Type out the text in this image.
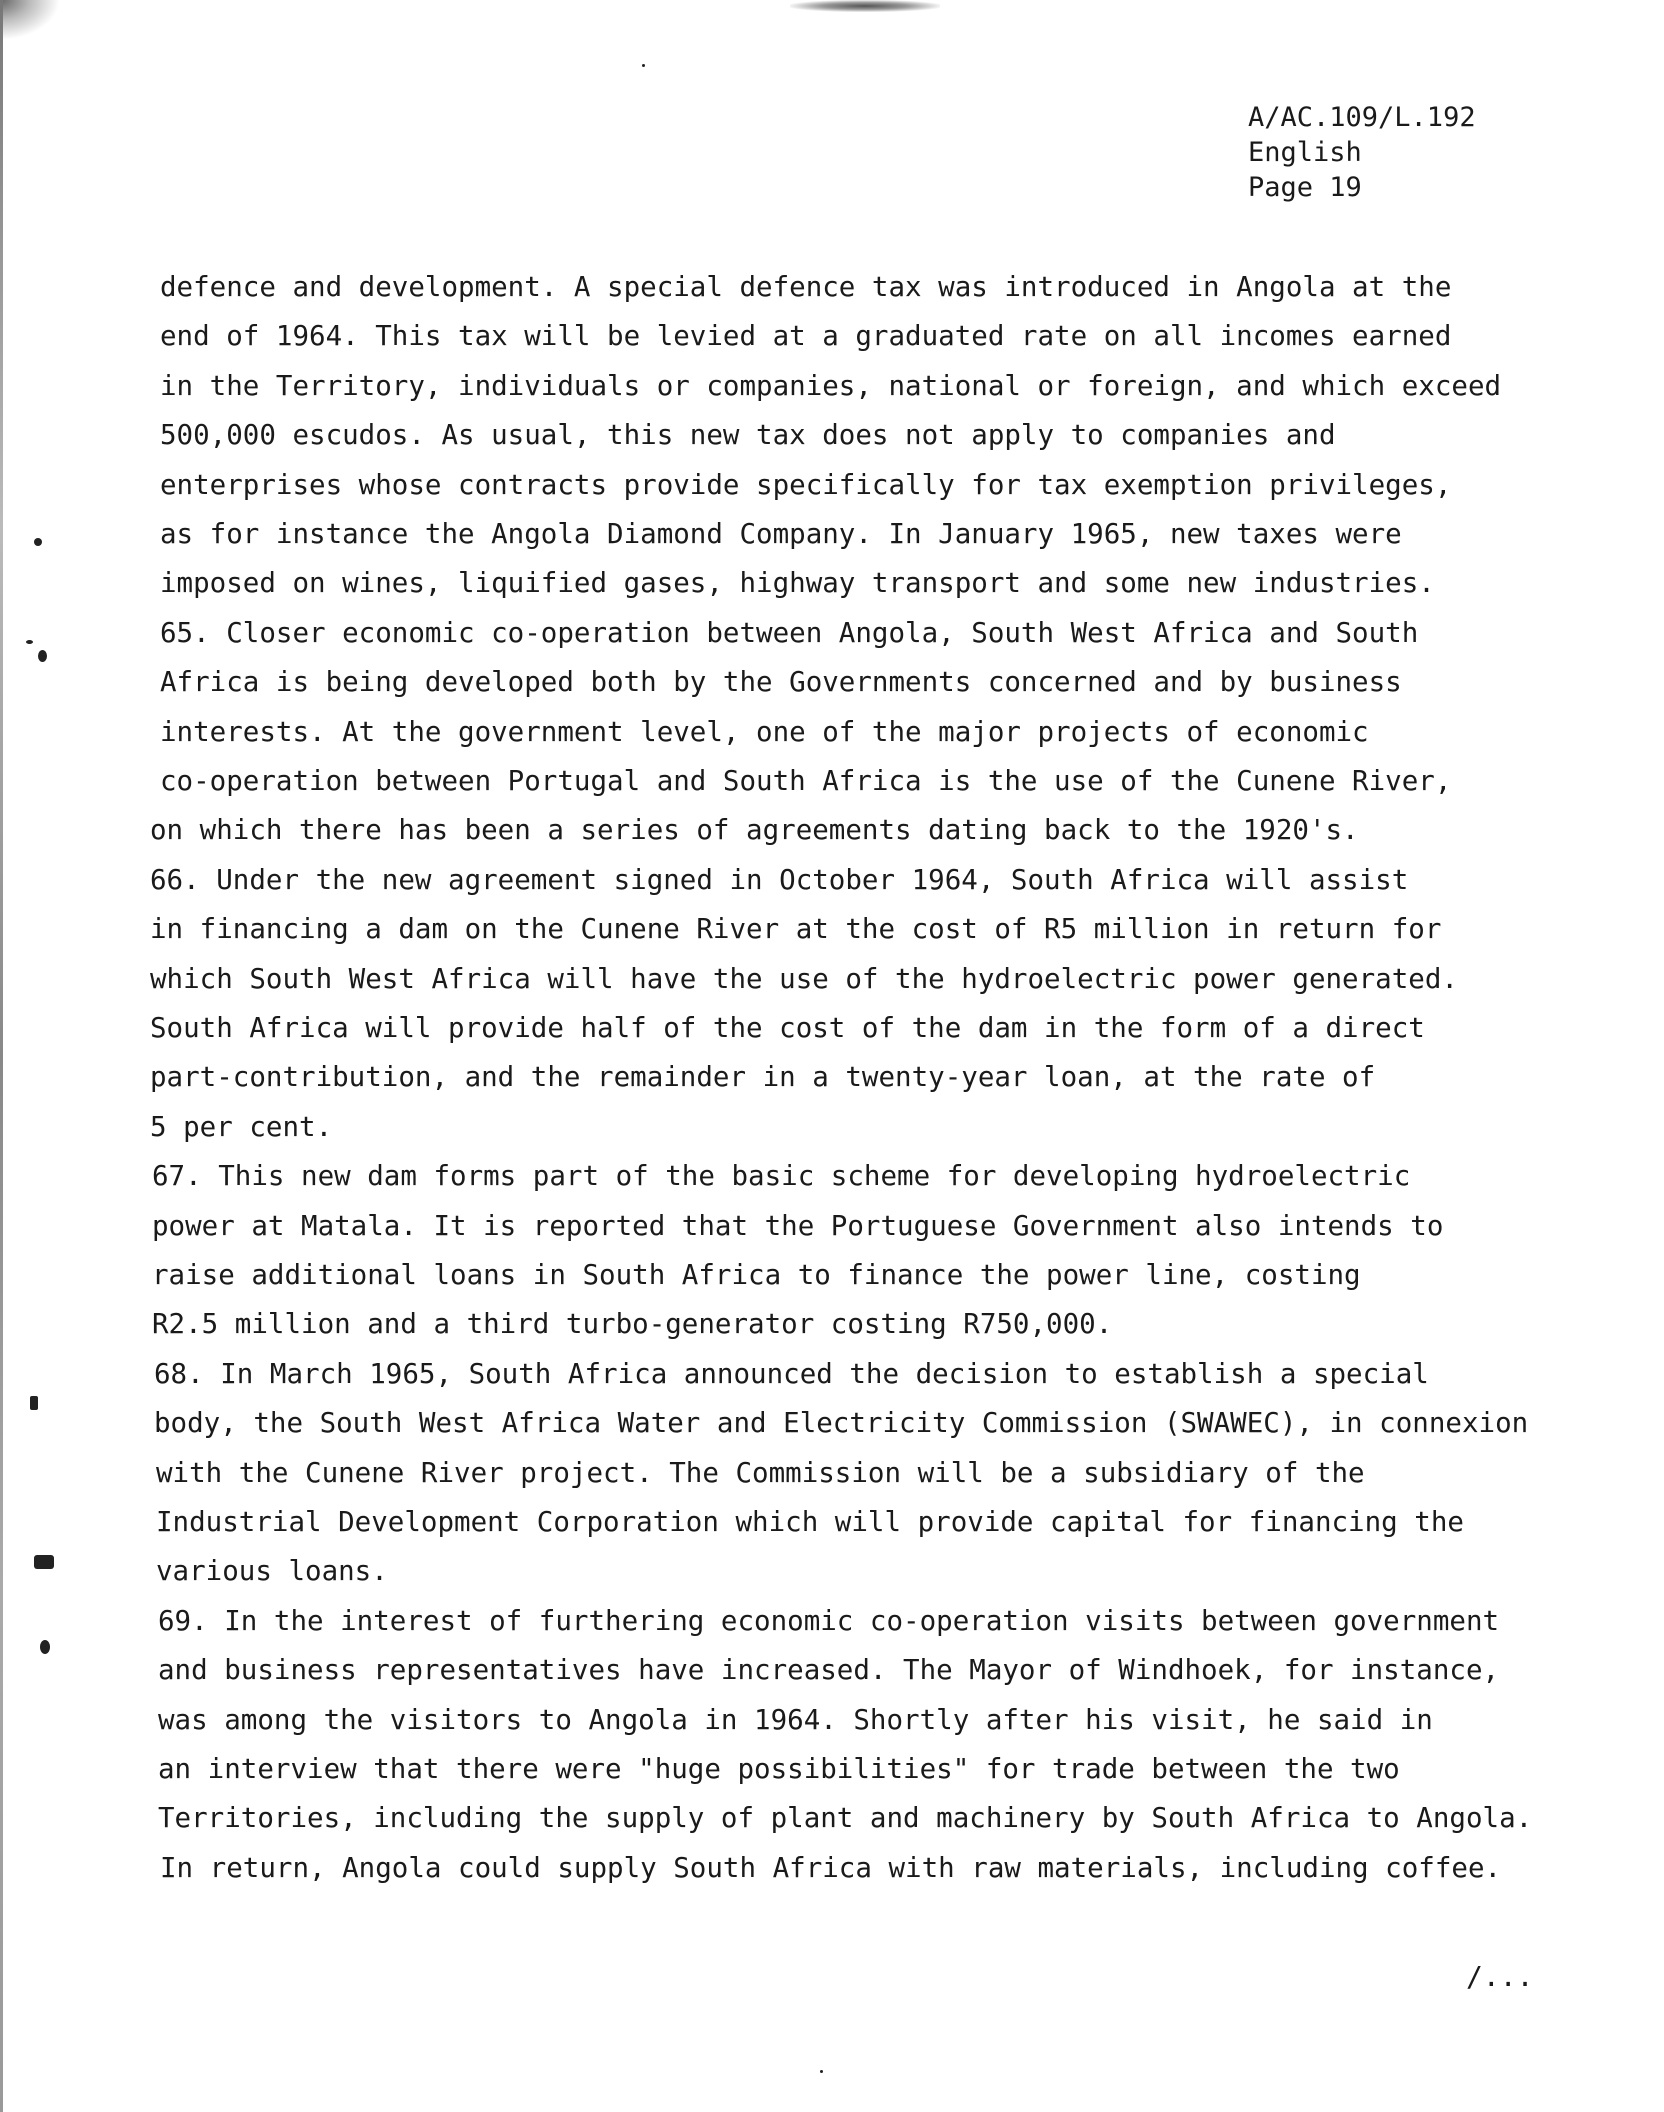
A/AC.109/L.192
English
Page 19
defence and development. A special defence tax was introduced in Angola at the
end of 1964. This tax will be levied at a graduated rate on all incomes earned
in the Territory, individuals or companies, national or foreign, and which exceed
500,000 escudos. As usual, this new tax does not apply to companies and
enterprises whose contracts provide specifically for tax exemption privileges,
as for instance the Angola Diamond Company. In January 1965, new taxes were
imposed on wines, liquified gases, highway transport and some new industries.
65. Closer economic co-operation between Angola, South West Africa and South
Africa is being developed both by the Governments concerned and by business
interests. At the government level, one of the major projects of economic
co-operation between Portugal and South Africa is the use of the Cunene River,
on which there has been a series of agreements dating back to the 1920's.
66. Under the new agreement signed in October 1964, South Africa will assist
in financing a dam on the Cunene River at the cost of R5 million in return for
which South West Africa will have the use of the hydroelectric power generated.
South Africa will provide half of the cost of the dam in the form of a direct
part-contribution, and the remainder in a twenty-year loan, at the rate of
5 per cent.
67. This new dam forms part of the basic scheme for developing hydroelectric
power at Matala. It is reported that the Portuguese Government also intends to
raise additional loans in South Africa to finance the power line, costing
R2.5 million and a third turbo-generator costing R750,000.
68. In March 1965, South Africa announced the decision to establish a special
body, the South West Africa Water and Electricity Commission (SWAWEC), in connexion
with the Cunene River project. The Commission will be a subsidiary of the
Industrial Development Corporation which will provide capital for financing the
various loans.
69. In the interest of furthering economic co-operation visits between government
and business representatives have increased. The Mayor of Windhoek, for instance,
was among the visitors to Angola in 1964. Shortly after his visit, he said in
an interview that there were "huge possibilities" for trade between the two
Territories, including the supply of plant and machinery by South Africa to Angola.
In return, Angola could supply South Africa with raw materials, including coffee.
/...
